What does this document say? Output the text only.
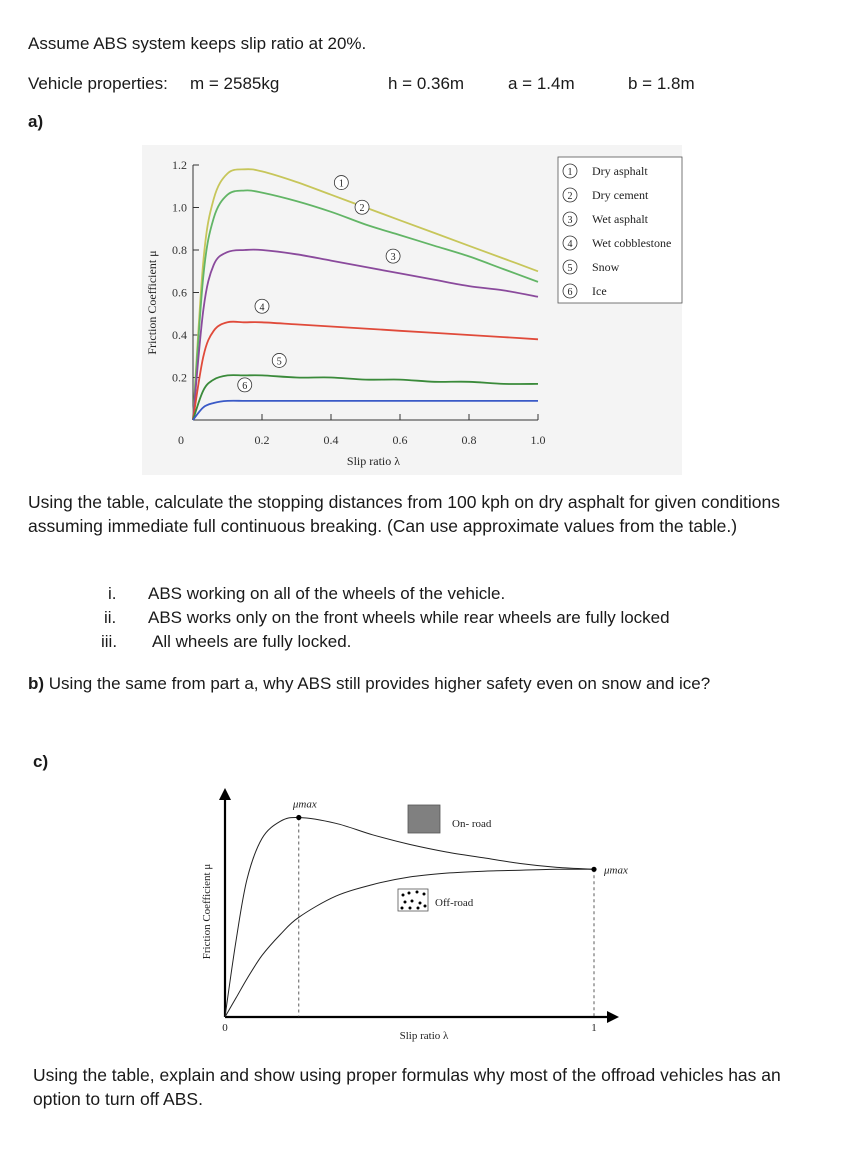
Assume ABS system keeps slip ratio at 20%.
Vehicle properties: m = 2585kg	h = 0.36m	a = 1.4m	b = 1.8m
a)
1.2
1.0
0.8
0.6
0.4
0.2
0.2	0.4	0.6	0.8	1.0
0
Slip ratio λ
Friction Coefficient μ
1
2
3
4
5
6
1 Dry asphalt
2 Dry cement
3 Wet asphalt
4 Wet cobblestone
5 Snow
6 Ice
Using the table, calculate the stopping distances from 100 kph on dry asphalt for given conditions assuming immediate full continuous breaking. (Can use approximate values from the table.)
i. ABS working on all of the wheels of the vehicle.
ii. ABS works only on the front wheels while rear wheels are fully locked
iii. All wheels are fully locked.
b) Using the same from part a, why ABS still provides higher safety even on snow and ice?
c)
0	1
Slip ratio λ
Friction Coefficient μ
μmax
μmax
On- road
Off-road
Using the table, explain and show using proper formulas why most of the offroad vehicles has an option to turn off ABS.
